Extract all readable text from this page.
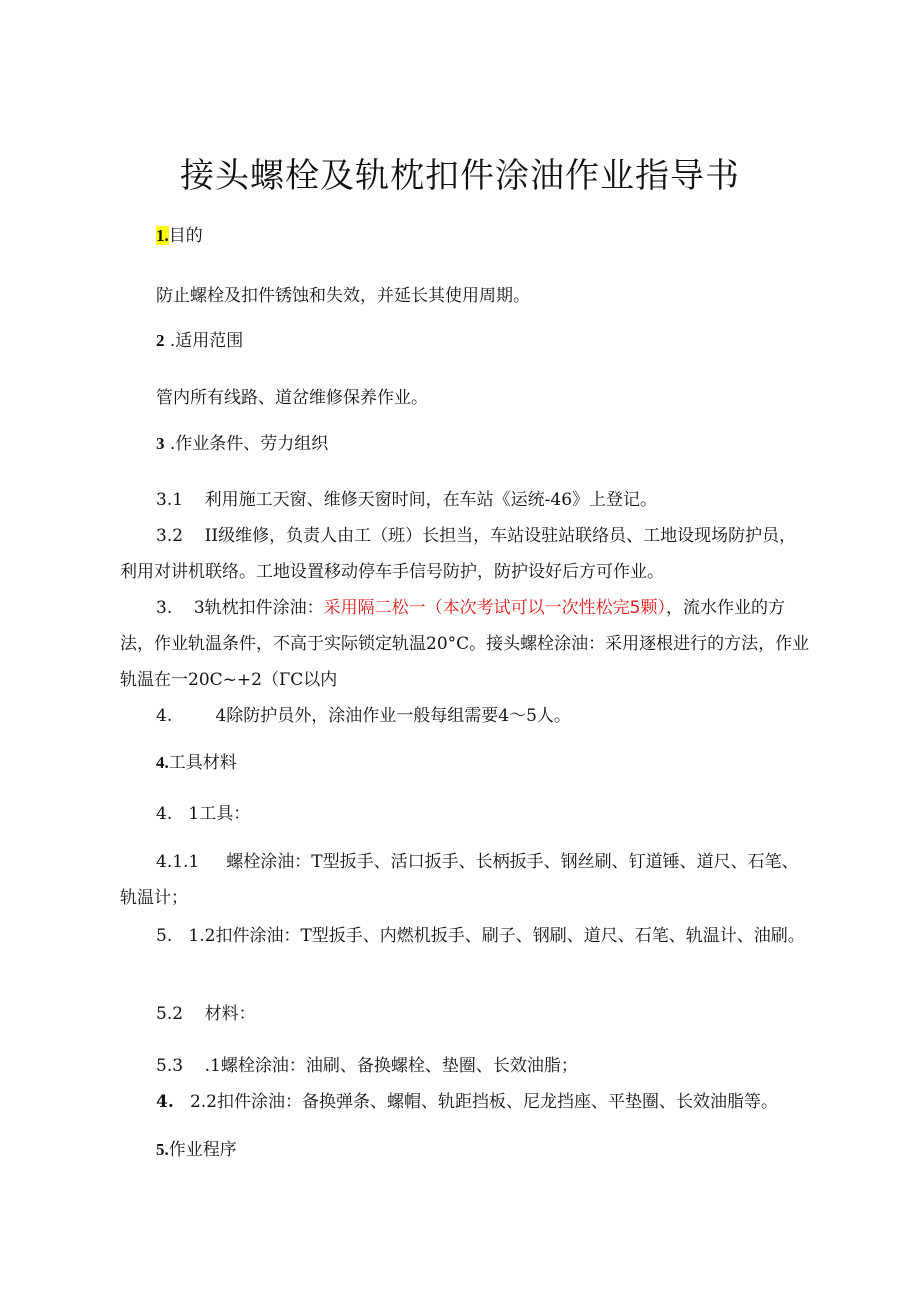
接头螺栓及轨枕扣件涂油作业指导书
1.目的
防止螺栓及扣件锈蚀和失效，并延长其使用周期。
2 .适用范围
管内所有线路、道岔维修保养作业。
3 .作业条件、劳力组织
3.1    利用施工天窗、维修天窗时间，在车站《运统-46》上登记。
3.2    II级维修，负责人由工（班）长担当，车站设驻站联络员、工地设现场防护员，利用对讲机联络。工地设置移动停车手信号防护，防护设好后方可作业。
3.    3轨枕扣件涂油：采用隔二松一（本次考试可以一次性松完5颗），流水作业的方法，作业轨温条件，不高于实际锁定轨温20°C。接头螺栓涂油：采用逐根进行的方法，作业轨温在一20C~+2（ГC以内
4.        4除防护员外，涂油作业一般每组需要4～5人。
4.工具材料
4.   1工具：
4.1.1     螺栓涂油：T型扳手、活口扳手、长柄扳手、钢丝刷、钉道锤、道尺、石笔、轨温计；
5.   1.2扣件涂油：T型扳手、内燃机扳手、刷子、钢刷、道尺、石笔、轨温计、油刷。
5.2    材料：
5.3    .1螺栓涂油：油刷、备换螺栓、垫圈、长效油脂；
4.   2.2扣件涂油：备换弹条、螺帽、轨距挡板、尼龙挡座、平垫圈、长效油脂等。
5.作业程序
